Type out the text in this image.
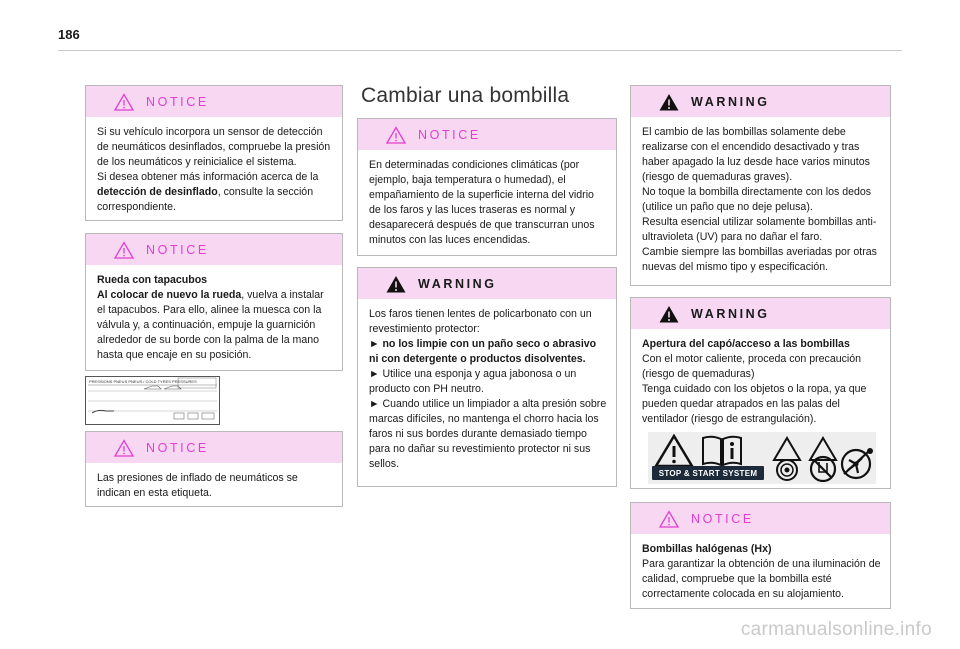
186
NOTICE

Si su vehículo incorpora un sensor de detección de neumáticos desinflados, compruebe la presión de los neumáticos y reinicialice el sistema.

Si desea obtener más información acerca de la detección de desinflado, consulte la sección correspondiente.

NOTICE

Rueda con tapacubos

Al colocar de nuevo la rueda, vuelva a instalar el tapacubos. Para ello, alinee la muesca con la válvula y, a continuación, empuje la guarnición alrededor de su borde con la palma de la mano hasta que encaje en su posición.

PRESSIONS PNEUS PNEUS / COLD TYRES PRESSURES
NOTICE

Las presiones de inflado de neumáticos se indican en esta etiqueta.

Cambiar una bombilla
NOTICE

En determinadas condiciones climáticas (por ejemplo, baja temperatura o humedad), el empañamiento de la superficie interna del vidrio de los faros y las luces traseras es normal y desaparecerá después de que transcurran unos minutos con las luces encendidas.

WARNING

Los faros tienen lentes de policarbonato con un revestimiento protector:

► no los limpie con un paño seco o abrasivo ni con detergente o productos disolventes.

► Utilice una esponja y agua jabonosa o un producto con PH neutro.

► Cuando utilice un limpiador a alta presión sobre marcas difíciles, no mantenga el chorro hacia los faros ni sus bordes durante demasiado tiempo para no dañar su revestimiento protector ni sus sellos.

WARNING

El cambio de las bombillas solamente debe realizarse con el encendido desactivado y tras haber apagado la luz desde hace varios minutos (riesgo de quemaduras graves).

No toque la bombilla directamente con los dedos (utilice un paño que no deje pelusa).

Resulta esencial utilizar solamente bombillas anti-ultravioleta (UV) para no dañar el faro.

Cambie siempre las bombillas averiadas por otras nuevas del mismo tipo y especificación.

WARNING

Apertura del capó/acceso a las bombillas

Con el motor caliente, proceda con precaución (riesgo de quemaduras)

Tenga cuidado con los objetos o la ropa, ya que pueden quedar atrapados en las palas del ventilador (riesgo de estrangulación).

STOP & START SYSTEM
NOTICE

Bombillas halógenas (Hx)

Para garantizar la obtención de una iluminación de calidad, compruebe que la bombilla esté correctamente colocada en su alojamiento.

carmanualsonline.info
